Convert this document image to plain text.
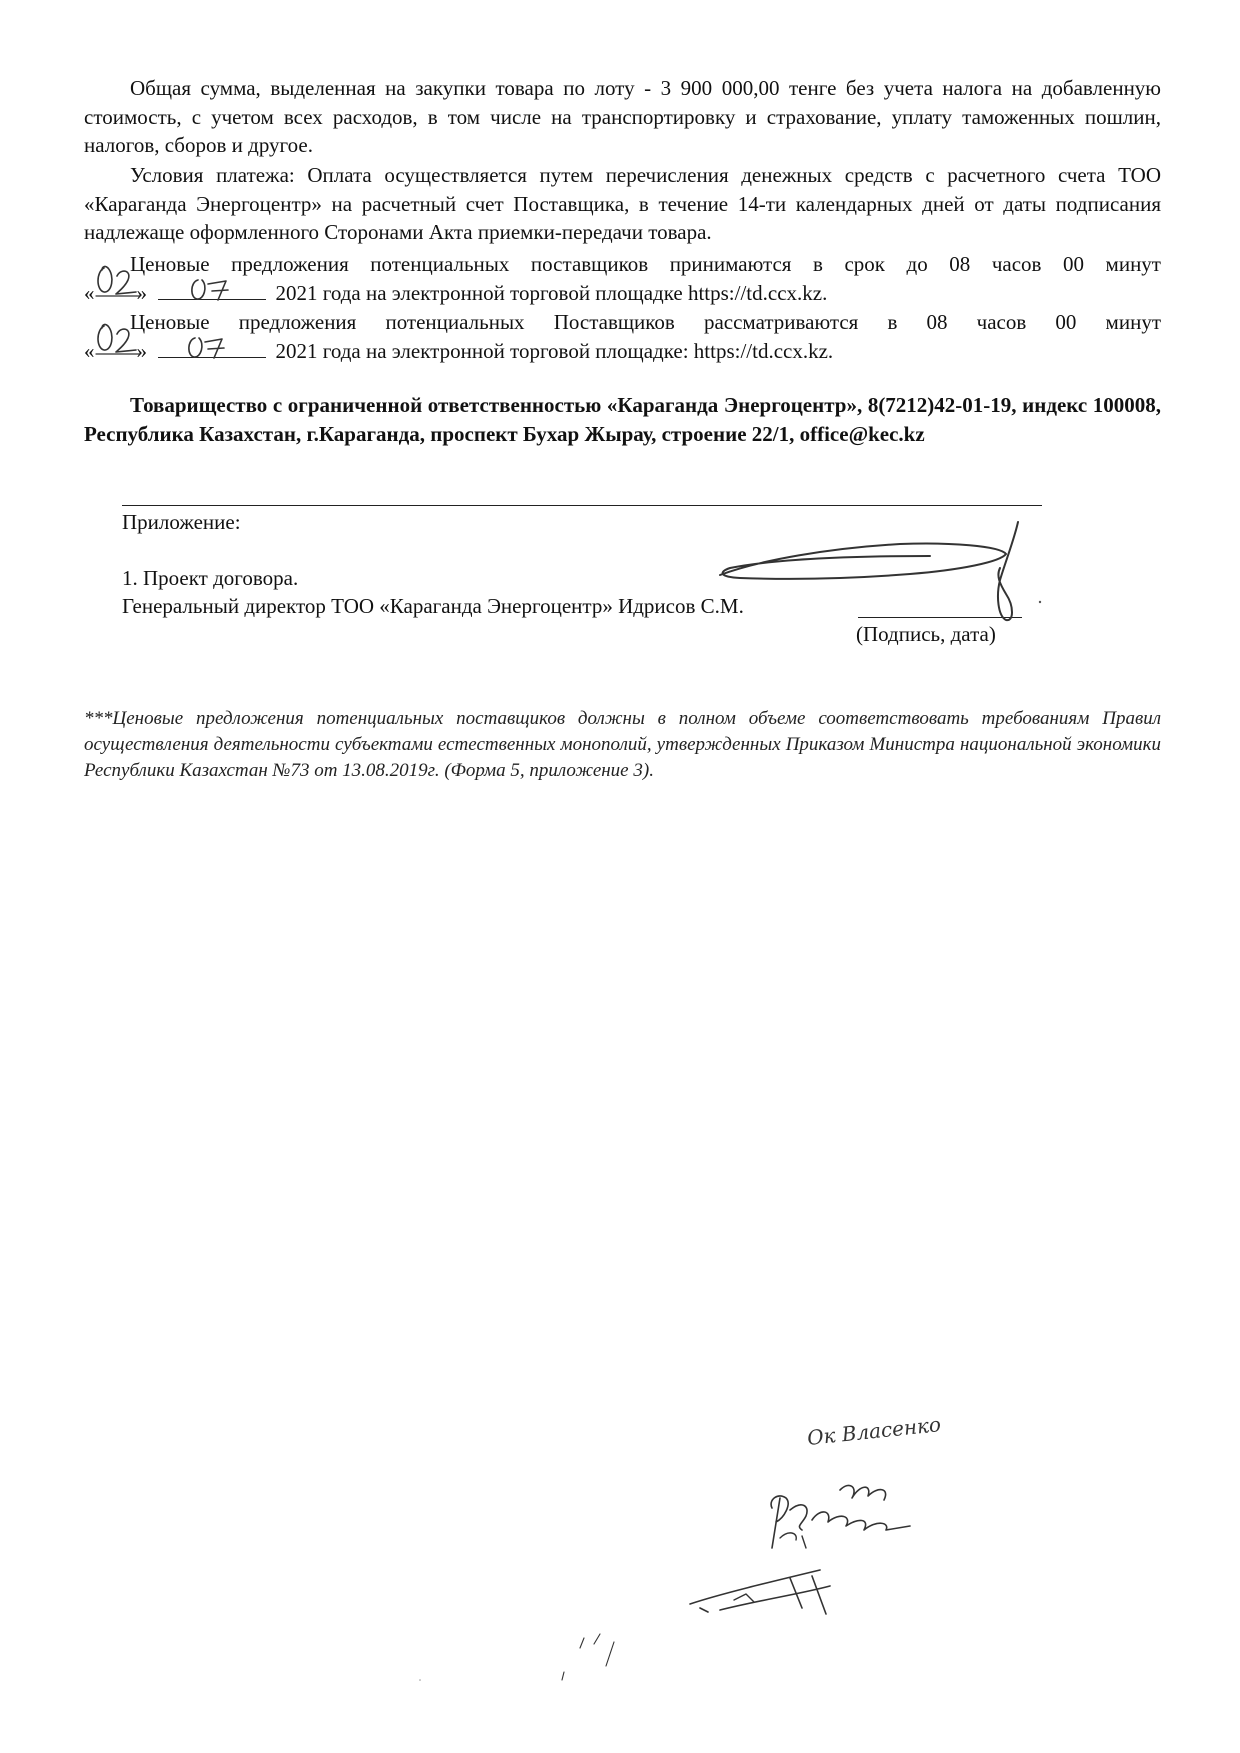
Общая сумма, выделенная на закупки товара по лоту - 3 900 000,00 тенге без учета налога на добавленную стоимость, с учетом всех расходов, в том числе на транспортировку и страхование, уплату таможенных пошлин, налогов, сборов и другое.
Условия платежа: Оплата осуществляется путем перечисления денежных средств с расчетного счета ТОО «Караганда Энергоцентр» на расчетный счет Поставщика, в течение 14-ти календарных дней от даты подписания надлежаще оформленного Сторонами Акта приемки-передачи товара.
Ценовые предложения потенциальных поставщиков принимаются в срок до 08 часов 00 минут
« »	2021 года на электронной торговой площадке https://td.ccx.kz.
Ценовые предложения потенциальных Поставщиков рассматриваются в 08 часов 00 минут
« »	2021 года на электронной торговой площадке: https://td.ccx.kz.
Товарищество с ограниченной ответственностью «Караганда Энергоцентр», 8(7212)42-01-19, индекс 100008, Республика Казахстан, г.Караганда, проспект Бухар Жырау, строение 22/1, office@kec.kz
Приложение:
1. Проект договора.
Генеральный директор ТОО «Караганда Энергоцентр» Идрисов С.М.
(Подпись, дата)
***Ценовые предложения потенциальных поставщиков должны в полном объеме соответствовать требованиям Правил осуществления деятельности субъектами естественных монополий, утвержденных Приказом Министра национальной экономики Республики Казахстан №73 от 13.08.2019г. (Форма 5, приложение 3).
Ок Власенко
